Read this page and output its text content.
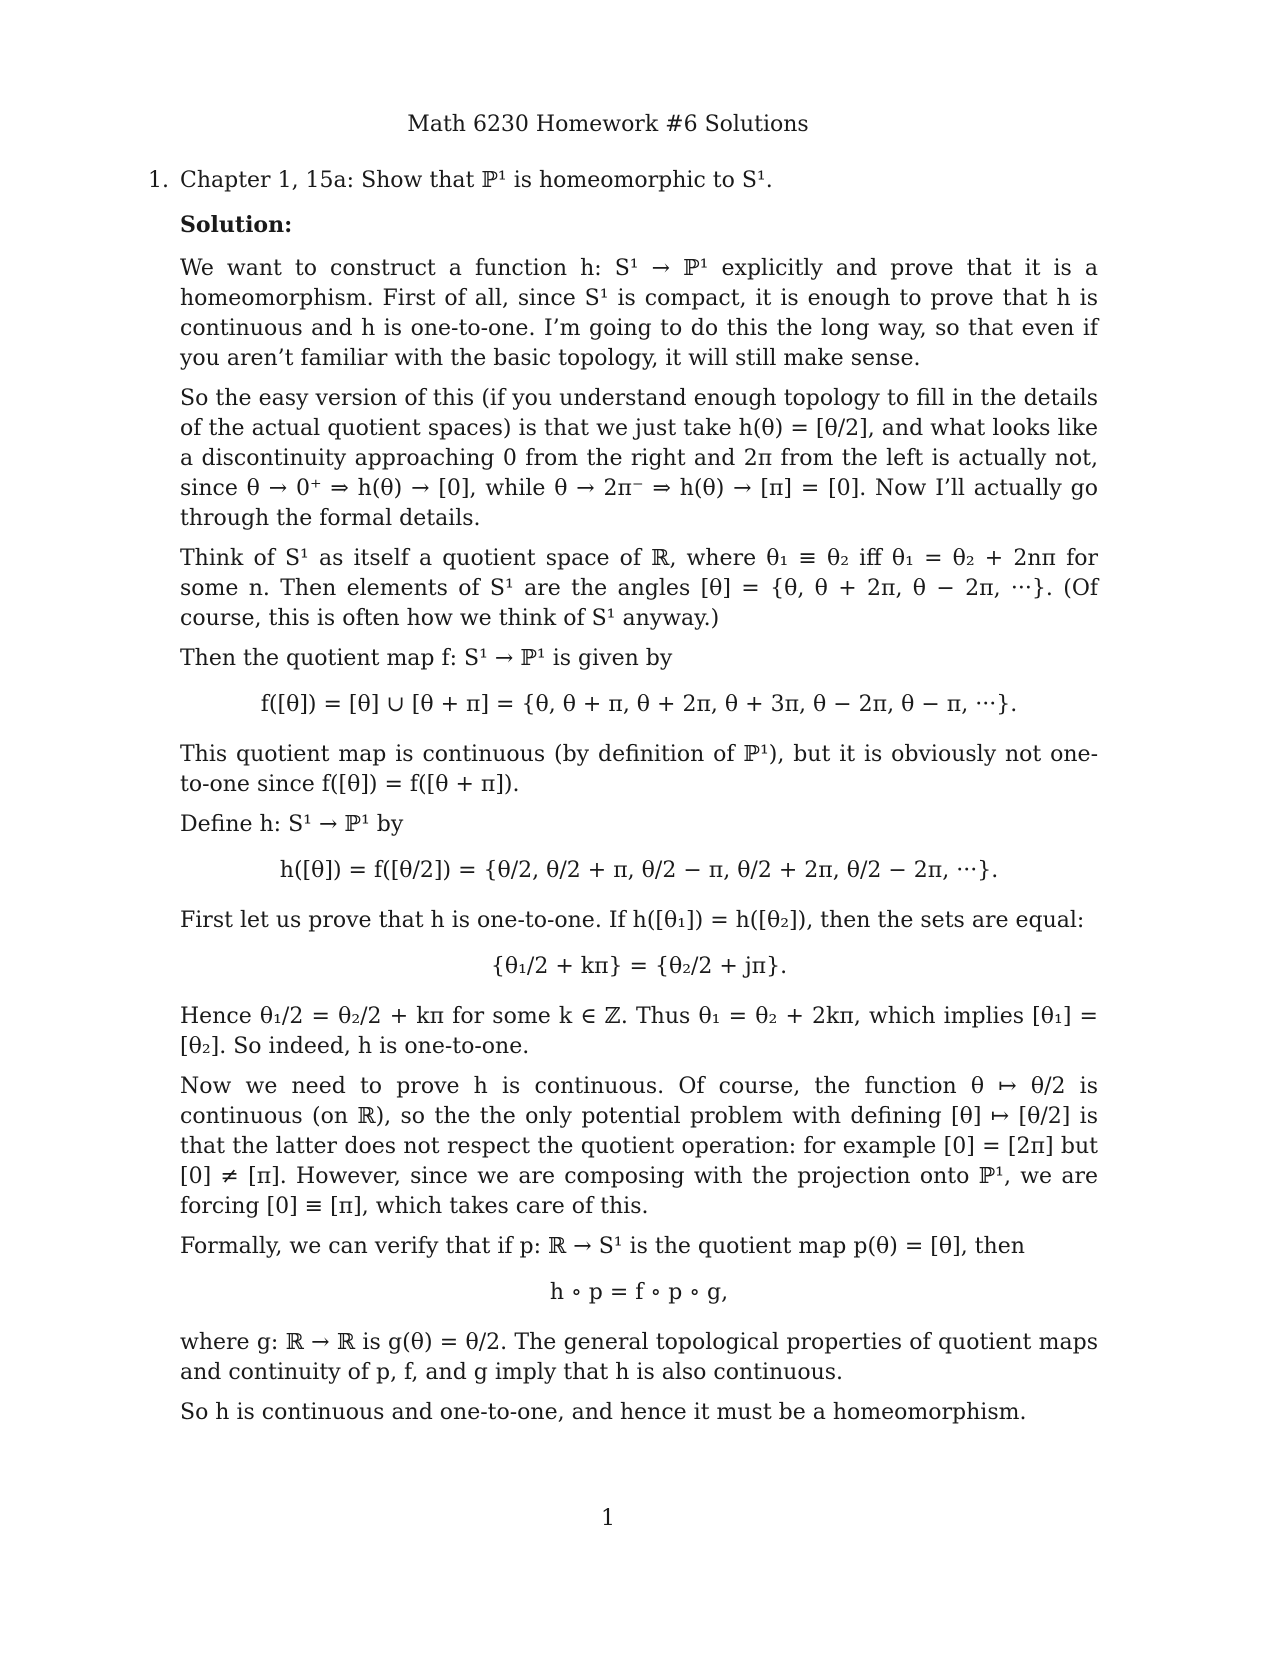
Math 6230 Homework #6 Solutions
1. Chapter 1, 15a: Show that ℙ¹ is homeomorphic to S¹.

Solution:

We want to construct a function h: S¹ → ℙ¹ explicitly and prove that it is a homeomorphism. First of all, since S¹ is compact, it is enough to prove that h is continuous and h is one-to-one. I’m going to do this the long way, so that even if you aren’t familiar with the basic topology, it will still make sense.

So the easy version of this (if you understand enough topology to fill in the details of the actual quotient spaces) is that we just take h(θ) = [θ/2], and what looks like a discontinuity approaching 0 from the right and 2π from the left is actually not, since θ → 0⁺ ⇒ h(θ) → [0], while θ → 2π⁻ ⇒ h(θ) → [π] = [0]. Now I’ll actually go through the formal details.

Think of S¹ as itself a quotient space of ℝ, where θ₁ ≡ θ₂ iff θ₁ = θ₂ + 2nπ for some n. Then elements of S¹ are the angles [θ] = {θ, θ + 2π, θ − 2π, ···}. (Of course, this is often how we think of S¹ anyway.)

Then the quotient map f: S¹ → ℙ¹ is given by

f([θ]) = [θ] ∪ [θ + π] = {θ, θ + π, θ + 2π, θ + 3π, θ − 2π, θ − π, ···}.

This quotient map is continuous (by definition of ℙ¹), but it is obviously not one-to-one since f([θ]) = f([θ + π]).

Define h: S¹ → ℙ¹ by

h([θ]) = f([θ/2]) = {θ/2, θ/2 + π, θ/2 − π, θ/2 + 2π, θ/2 − 2π, ···}.

First let us prove that h is one-to-one. If h([θ₁]) = h([θ₂]), then the sets are equal:

{θ₁/2 + kπ} = {θ₂/2 + jπ}.

Hence θ₁/2 = θ₂/2 + kπ for some k ∈ ℤ. Thus θ₁ = θ₂ + 2kπ, which implies [θ₁] = [θ₂]. So indeed, h is one-to-one.

Now we need to prove h is continuous. Of course, the function θ ↦ θ/2 is continuous (on ℝ), so the the only potential problem with defining [θ] ↦ [θ/2] is that the latter does not respect the quotient operation: for example [0] = [2π] but [0] ≠ [π]. However, since we are composing with the projection onto ℙ¹, we are forcing [0] ≡ [π], which takes care of this.

Formally, we can verify that if p: ℝ → S¹ is the quotient map p(θ) = [θ], then

h ∘ p = f ∘ p ∘ g,

where g: ℝ → ℝ is g(θ) = θ/2. The general topological properties of quotient maps and continuity of p, f, and g imply that h is also continuous.

So h is continuous and one-to-one, and hence it must be a homeomorphism.

1
